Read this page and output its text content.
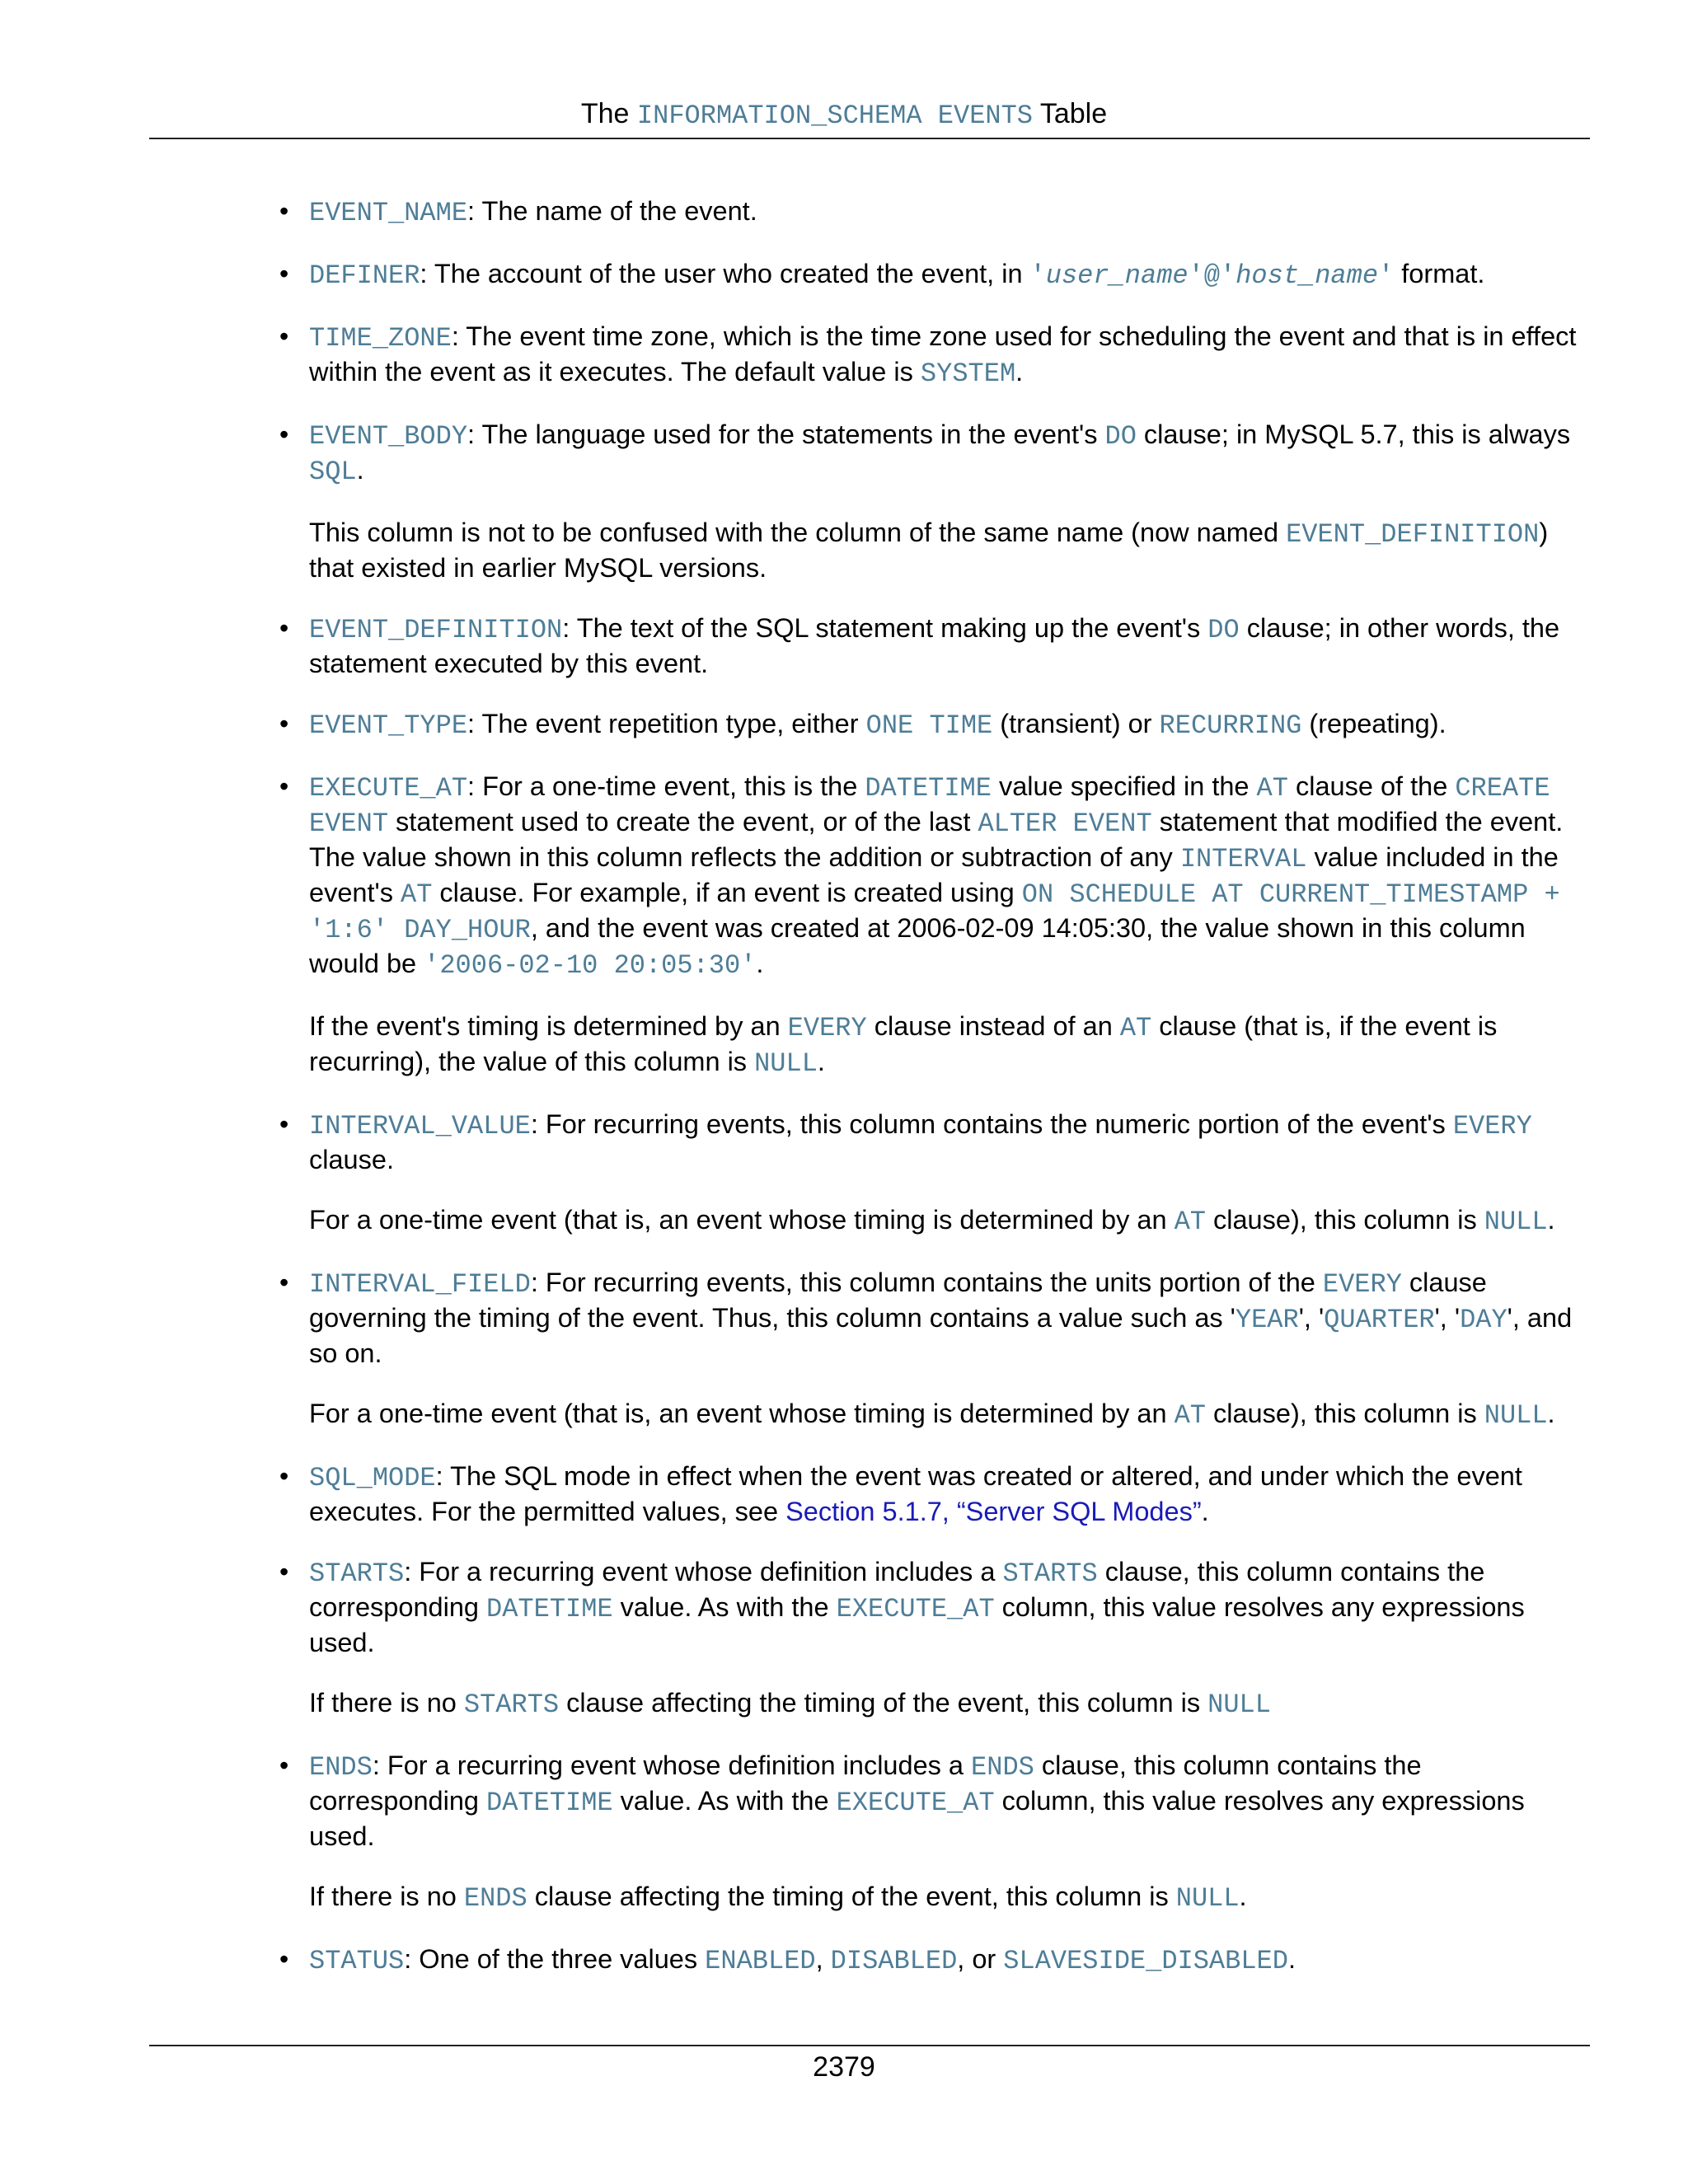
The INFORMATION_SCHEMA EVENTS Table
• EVENT_NAME: The name of the event.

• DEFINER: The account of the user who created the event, in 'user_name'@'host_name' format.

• TIME_ZONE: The event time zone, which is the time zone used for scheduling the event and that is in effect within the event as it executes. The default value is SYSTEM.

• EVENT_BODY: The language used for the statements in the event's DO clause; in MySQL 5.7, this is always SQL.

This column is not to be confused with the column of the same name (now named EVENT_DEFINITION) that existed in earlier MySQL versions.

• EVENT_DEFINITION: The text of the SQL statement making up the event's DO clause; in other words, the statement executed by this event.

• EVENT_TYPE: The event repetition type, either ONE TIME (transient) or RECURRING (repeating).

• EXECUTE_AT: For a one-time event, this is the DATETIME value specified in the AT clause of the CREATE EVENT statement used to create the event, or of the last ALTER EVENT statement that modified the event. The value shown in this column reflects the addition or subtraction of any INTERVAL value included in the event's AT clause. For example, if an event is created using ON SCHEDULE AT CURRENT_TIMESTAMP + '1:6' DAY_HOUR, and the event was created at 2006-02-09 14:05:30, the value shown in this column would be '2006-02-10 20:05:30'.

If the event's timing is determined by an EVERY clause instead of an AT clause (that is, if the event is recurring), the value of this column is NULL.

• INTERVAL_VALUE: For recurring events, this column contains the numeric portion of the event's EVERY clause.

For a one-time event (that is, an event whose timing is determined by an AT clause), this column is NULL.

• INTERVAL_FIELD: For recurring events, this column contains the units portion of the EVERY clause governing the timing of the event. Thus, this column contains a value such as 'YEAR', 'QUARTER', 'DAY', and so on.

For a one-time event (that is, an event whose timing is determined by an AT clause), this column is NULL.

• SQL_MODE: The SQL mode in effect when the event was created or altered, and under which the event executes. For the permitted values, see Section 5.1.7, “Server SQL Modes”.

• STARTS: For a recurring event whose definition includes a STARTS clause, this column contains the corresponding DATETIME value. As with the EXECUTE_AT column, this value resolves any expressions used.

If there is no STARTS clause affecting the timing of the event, this column is NULL

• ENDS: For a recurring event whose definition includes a ENDS clause, this column contains the corresponding DATETIME value. As with the EXECUTE_AT column, this value resolves any expressions used.

If there is no ENDS clause affecting the timing of the event, this column is NULL.

• STATUS: One of the three values ENABLED, DISABLED, or SLAVESIDE_DISABLED.

2379
